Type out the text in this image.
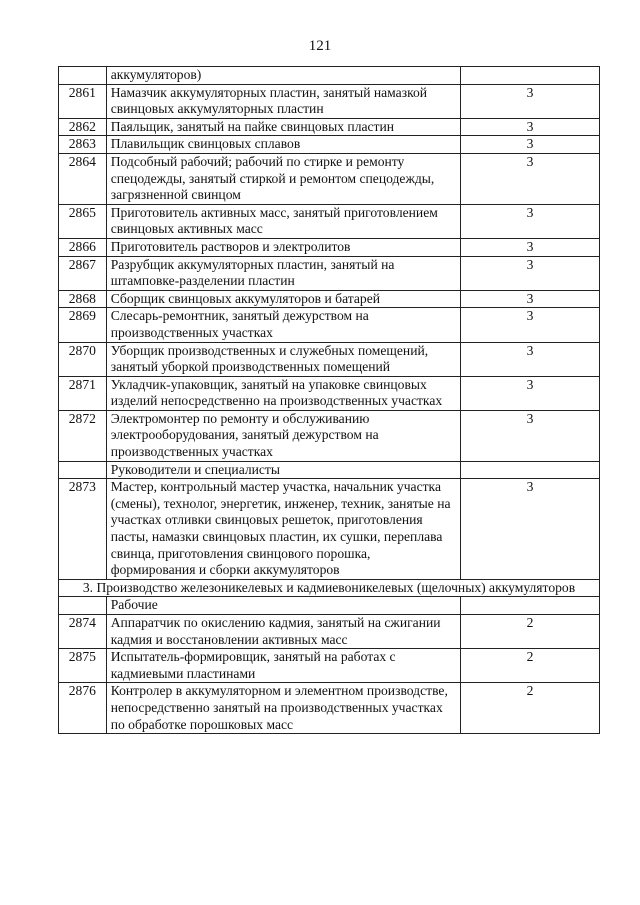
121
	аккумуляторов)	
2861	Намазчик аккумуляторных пластин, занятый намазкой свинцовых аккумуляторных пластин	3
2862	Паяльщик, занятый на пайке свинцовых пластин	3
2863	Плавильщик свинцовых сплавов	3
2864	Подсобный рабочий; рабочий по стирке и ремонту спецодежды, занятый стиркой и ремонтом спецодежды, загрязненной свинцом	3
2865	Приготовитель активных масс, занятый приготовлением свинцовых активных масс	3
2866	Приготовитель растворов и электролитов	3
2867	Разрубщик аккумуляторных пластин, занятый на штамповке-разделении пластин	3
2868	Сборщик свинцовых аккумуляторов и батарей	3
2869	Слесарь-ремонтник, занятый дежурством на производственных участках	3
2870	Уборщик производственных и служебных помещений, занятый уборкой производственных помещений	3
2871	Укладчик-упаковщик, занятый на упаковке свинцовых изделий непосредственно на производственных участках	3
2872	Электромонтер по ремонту и обслуживанию электрооборудования, занятый дежурством на производственных участках	3
	Руководители и специалисты	
2873	Мастер, контрольный мастер участка, начальник участка (смены), технолог, энергетик, инженер, техник, занятые на участках отливки свинцовых решеток, приготовления пасты, намазки свинцовых пластин, их сушки, переплава свинца, приготовления свинцового порошка, формирования и сборки аккумуляторов	3
3. Производство железоникелевых и кадмиевоникелевых (щелочных) аккумуляторов		
	Рабочие	
2874	Аппаратчик по окислению кадмия, занятый на сжигании кадмия и восстановлении активных масс	2
2875	Испытатель-формировщик, занятый на работах с кадмиевыми пластинами	2
2876	Контролер в аккумуляторном и элементном производстве, непосредственно занятый на производственных участках по обработке порошковых масс	2
